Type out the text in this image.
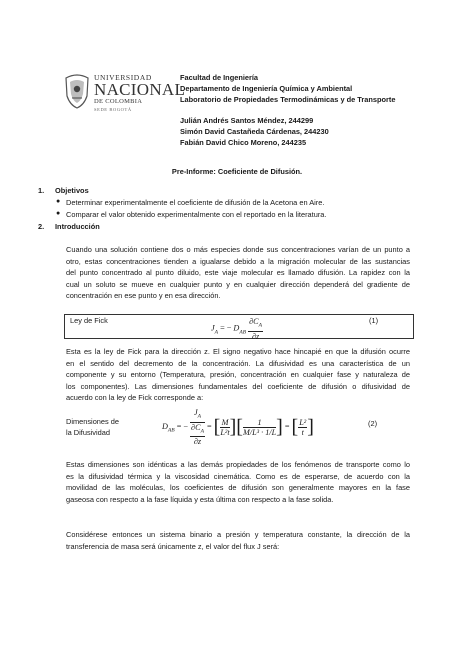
UNIVERSIDAD
NACIONAL
DE COLOMBIA
SEDE BOGOTÁ
Facultad de Ingeniería
Departamento de Ingeniería Química y Ambiental
Laboratorio de Propiedades Termodinámicas y de Transporte
Julián Andrés Santos Méndez, 244299
Simón David Castañeda Cárdenas, 244230
Fabián David Chico Moreno, 244235
Pre-Informe: Coeficiente de Difusión.
1. Objetivos
● Determinar experimentalmente el coeficiente de difusión de la Acetona en Aire.
● Comparar el valor obtenido experimentalmente con el reportado en la literatura.
2. Introducción
Cuando una solución contiene dos o más especies donde sus concentraciones varían de un punto a
otro, estas concentraciones tienden a igualarse debido a la migración molecular de las sustancias
del punto concentrado al punto diluido, este viaje molecular es llamado difusión. La rapidez con la
cual un soluto se mueve en cualquier punto y en cualquier dirección dependerá del gradiente de
concentración en ese punto y en esa dirección.
Ley de Fick
$J_A$ = − $D_{AB} \frac{\partial C_A}{\partial z}$	(1)
Esta es la ley de Fick para la dirección z. El signo negativo hace hincapié en que la difusión ocurre
en el sentido del decremento de la concentración. La difusividad es una característica de un
componente y su entorno (Temperatura, presión, concentración en cualquier fase y naturaleza de
los componentes). Las dimensiones fundamentales del coeficiente de difusión o difusividad de
acuerdo con la ley de Fick corresponde a:
Dimensiones de
la Difusividad
$D_{AB}$ = − $\frac{J_A}{\frac{\partial C_A}{\partial z}}$ = [ $\frac{M}{\text{L²t}}$ ][ $\frac{1}{\text{M/L³ · 1/L}}$ ] = [ $\frac{\text{L²}}{t}$ ]	(2)
Estas dimensiones son idénticas a las demás propiedades de los fenómenos de transporte como lo
es la difusividad térmica y la viscosidad cinemática. Como es de esperarse, de acuerdo con la
movilidad de las moléculas, los coeficientes de difusión son generalmente mayores en la fase
gaseosa con respecto a la fase líquida y esta última con respecto a la fase solida.
Considérese entonces un sistema binario a presión y temperatura constante, la dirección de la
transferencia de masa será únicamente z, el valor del flux J será:
